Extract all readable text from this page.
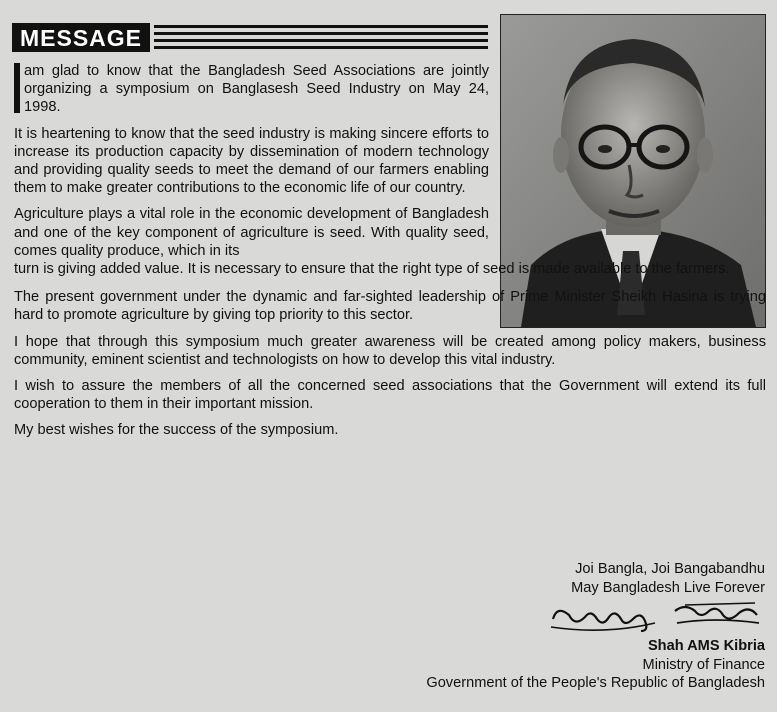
MESSAGE

am glad to know that the Bangladesh Seed Associations are jointly organizing a symposium on Banglasesh Seed Industry on May 24, 1998.

It is heartening to know that the seed industry is making sincere efforts to increase its production capacity by dissemination of modern technology and providing quality seeds to meet the demand of our farmers enabling them to make greater contributions to the economic life of our country.

Agriculture plays a vital role in the economic development of Bangladesh and one of the key component of agriculture is seed. With quality seed, comes quality produce, which in its
turn is giving added value. It is necessary to ensure that the right type of seed is made available to the farmers.

The present government under the dynamic and far-sighted leadership of Prime Minister Sheikh Hasina is trying hard to promote agriculture by giving top priority to this sector.

I hope that through this symposium much greater awareness will be created among policy makers, business community, eminent scientist and technologists on how to develop this vital industry.

I wish to assure the members of all the concerned seed associations that the Government will extend its full cooperation to them in their important mission.

My best wishes for the success of the symposium.

Joi Bangla, Joi Bangabandhu
May Bangladesh Live Forever
Shah AMS Kibria
Ministry of Finance
Government of the People's Republic of Bangladesh
